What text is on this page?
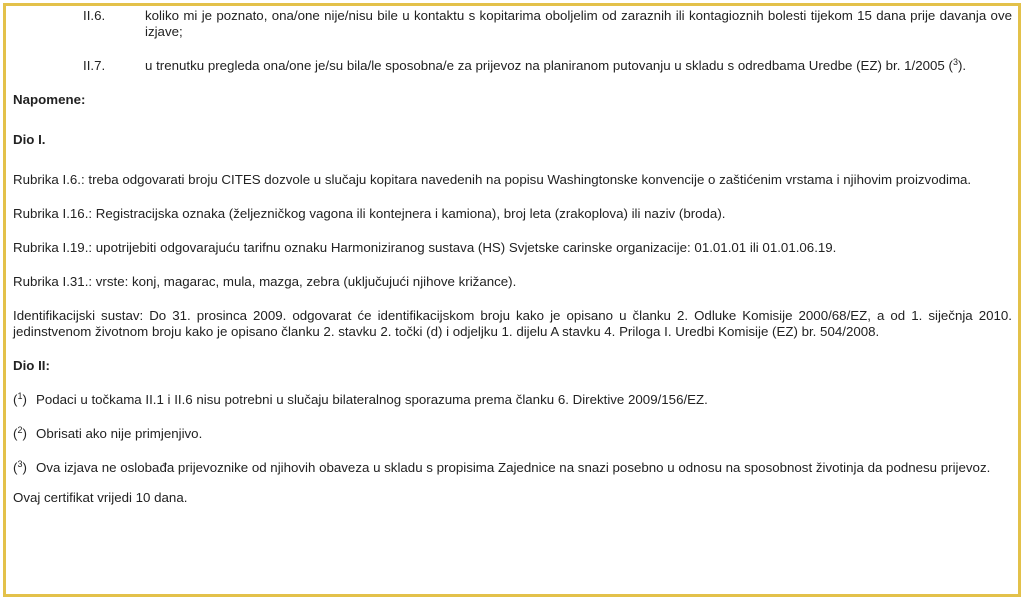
II.6.	koliko mi je poznato, ona/one nije/nisu bile u kontaktu s kopitarima oboljelim od zaraznih ili kontagioznih bolesti tijekom 15 dana prije davanja ove izjave;
II.7.	u trenutku pregleda ona/one je/su bila/le sposobna/e za prijevoz na planiranom putovanju u skladu s odredbama Uredbe (EZ) br. 1/2005 ($^3$).

Napomene:

Dio I.

Rubrika I.6.: treba odgovarati broju CITES dozvole u slučaju kopitara navedenih na popisu Washingtonske konvencije o zaštićenim vrstama i njihovim proizvodima.

Rubrika I.16.: Registracijska oznaka (željezničkog vagona ili kontejnera i kamiona), broj leta (zrakoplova) ili naziv (broda).

Rubrika I.19.: upotrijebiti odgovarajuću tarifnu oznaku Harmoniziranog sustava (HS) Svjetske carinske organizacije: 01.01.01 ili 01.01.06.19.

Rubrika I.31.: vrste: konj, magarac, mula, mazga, zebra (uključujući njihove križance).

Identifikacijski sustav: Do 31. prosinca 2009. odgovarat će identifikacijskom broju kako je opisano u članku 2. Odluke Komisije 2000/68/EZ, a od 1. siječnja 2010. jedinstvenom životnom broju kako je opisano članku 2. stavku 2. točki (d) i odjeljku 1. dijelu A stavku 4. Priloga I. Uredbi Komisije (EZ) br. 504/2008.

Dio II:

($^1$) Podaci u točkama II.1 i II.6 nisu potrebni u slučaju bilateralnog sporazuma prema članku 6. Direktive 2009/156/EZ.
($^2$) Obrisati ako nije primjenjivo.
($^3$) Ova izjava ne oslobađa prijevoznike od njihovih obaveza u skladu s propisima Zajednice na snazi posebno u odnosu na sposobnost životinja da podnesu prijevoz.
Ovaj certifikat vrijedi 10 dana.
